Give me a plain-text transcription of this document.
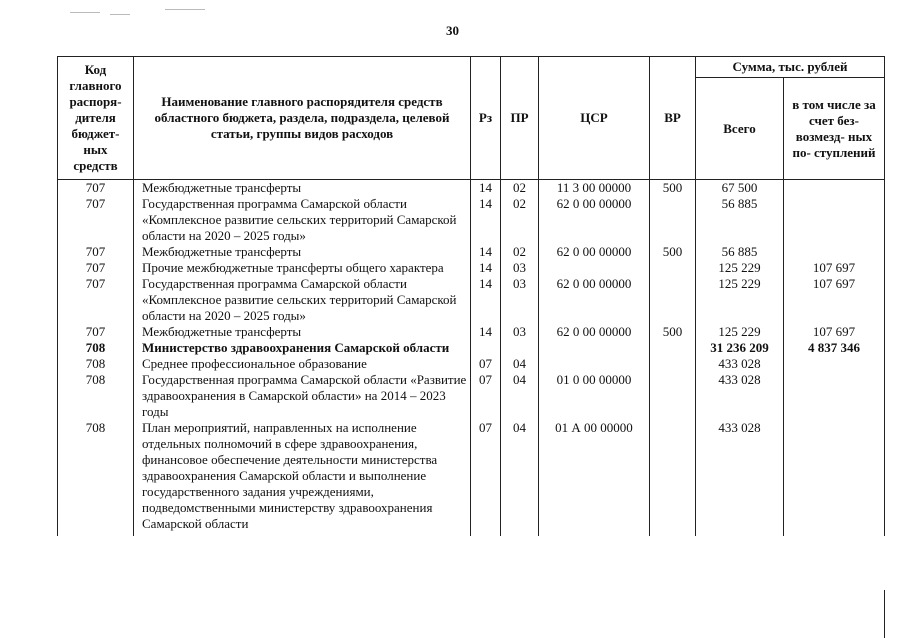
30
Код главного распоря- дителя бюджет- ных средств	Наименование главного распорядителя средств областного бюджета, раздела, подраздела, целевой статьи, группы видов расходов	Рз	ПР	ЦСР	ВР	Сумма, тыс. рублей	
						Всего	в том числе за счет без- возмезд- ных по- ступлений
707	Межбюджетные трансферты	14	02	11 3 00 00000	500	67 500	
707	Государственная программа Самарской области «Комплексное развитие сельских территорий Самарской области на 2020 – 2025 годы»	14	02	62 0 00 00000		56 885	
707	Межбюджетные трансферты	14	02	62 0 00 00000	500	56 885	
707	Прочие межбюджетные трансферты общего характера	14	03			125 229	107 697
707	Государственная программа Самарской области «Комплексное развитие сельских территорий Самарской области на 2020 – 2025 годы»	14	03	62 0 00 00000		125 229	107 697
707	Межбюджетные трансферты	14	03	62 0 00 00000	500	125 229	107 697
708	Министерство здравоохранения Самарской области					31 236 209	4 837 346
708	Среднее профессиональное образование	07	04			433 028	
708	Государственная программа Самарской области «Развитие здравоохранения в Самарской области» на 2014 – 2023 годы	07	04	01 0 00 00000		433 028	
708	План мероприятий, направленных на исполнение отдельных полномочий в сфере здравоохранения, финансовое обеспечение деятельности министерства здравоохранения Самарской области и выполнение государственного задания учреждениями, подведомственными министерству здравоохранения Самарской области	07	04	01 А 00 00000		433 028	
